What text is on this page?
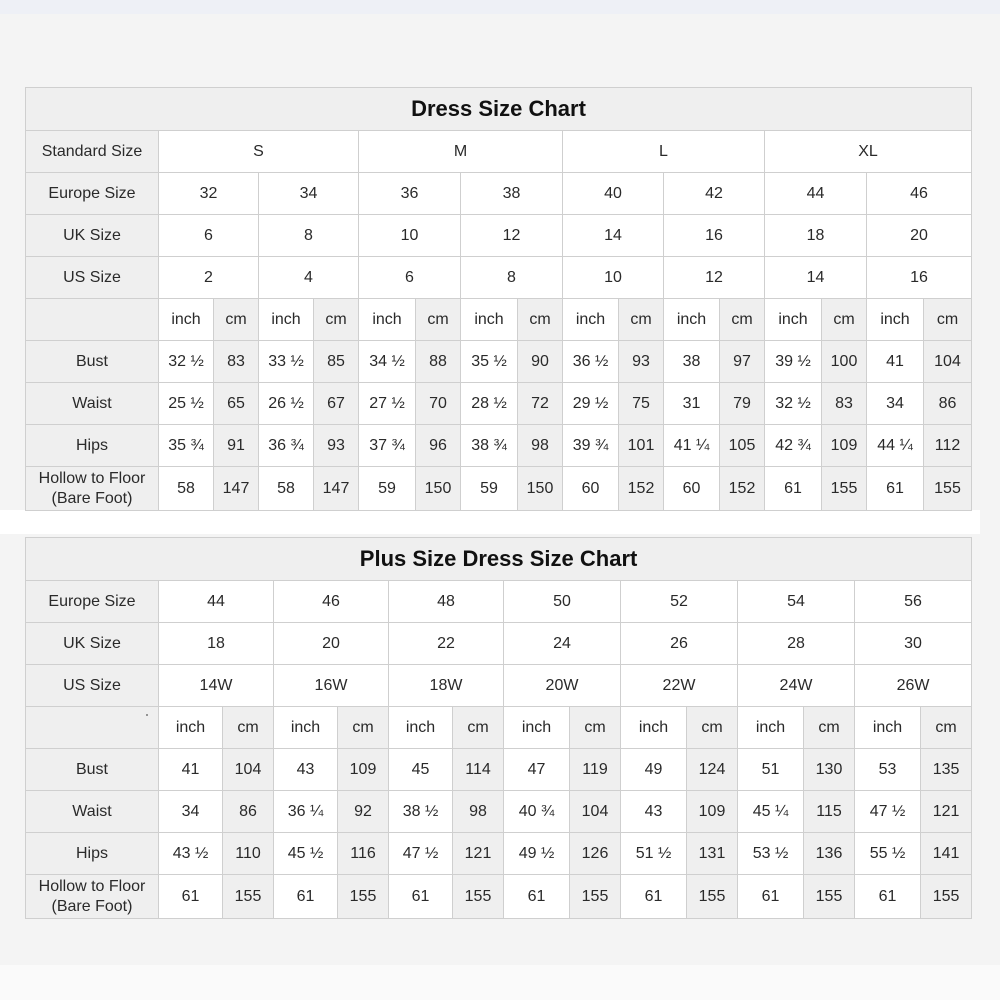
Dress Size Chart																
Standard Size	S				M				L				XL			
Europe Size	32		34		36		38		40		42		44		46	
UK Size	6		8		10		12		14		16		18		20	
US Size	2		4		6		8		10		12		14		16	
	inch	cm	inch	cm	inch	cm	inch	cm	inch	cm	inch	cm	inch	cm	inch	cm
Bust	32 ½	83	33 ½	85	34 ½	88	35 ½	90	36 ½	93	38	97	39 ½	100	41	104
Waist	25 ½	65	26 ½	67	27 ½	70	28 ½	72	29 ½	75	31	79	32 ½	83	34	86
Hips	35 ¾	91	36 ¾	93	37 ¾	96	38 ¾	98	39 ¾	101	41 ¼	105	42 ¾	109	44 ¼	112

Hollow to Floor
(Bare Foot)	58	147	58	147	59	150	59	150	60	152	60	152	61	155	61	155
Plus Size Dress Size Chart														
Europe Size	44		46		48		50		52		54		56	
UK Size	18		20		22		24		26		28		30	
US Size	14W		16W		18W		20W		22W		24W		26W	
	inch	cm	inch	cm	inch	cm	inch	cm	inch	cm	inch	cm	inch	cm
Bust	41	104	43	109	45	114	47	119	49	124	51	130	53	135
Waist	34	86	36 ¼	92	38 ½	98	40 ¾	104	43	109	45 ¼	115	47 ½	121
Hips	43 ½	110	45 ½	116	47 ½	121	49 ½	126	51 ½	131	53 ½	136	55 ½	141

Hollow to Floor
(Bare Foot)	61	155	61	155	61	155	61	155	61	155	61	155	61	155
